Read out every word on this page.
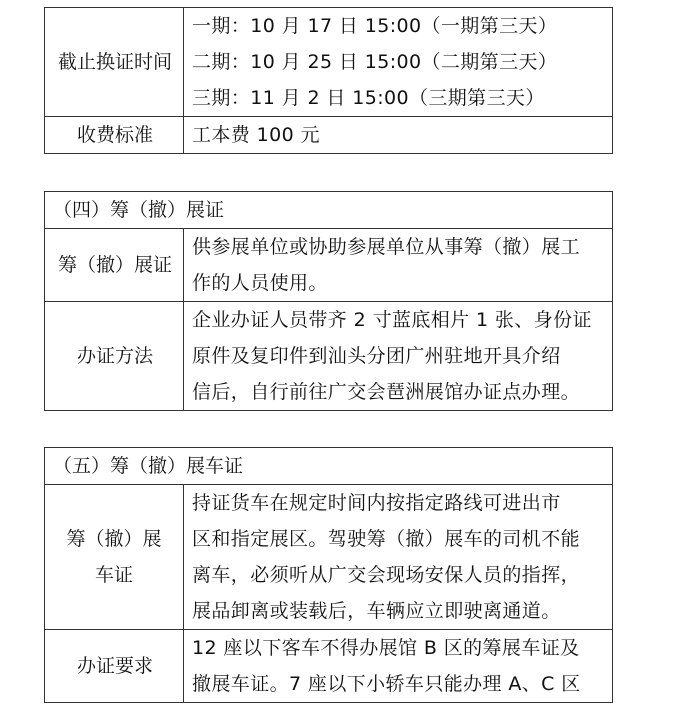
截止换证时间	一期：10 月 17 日 15:00（一期第三天）
二期：10 月 25 日 15:00（二期第三天）
三期：11 月 2 日 15:00（三期第三天）

收费标准	工本费 100 元
（四）筹（撤）展证	
筹（撤）展证	供参展单位或协助参展单位从事筹（撤）展工
作的人员使用。

办证方法	企业办证人员带齐 2 寸蓝底相片 1 张、身份证
原件及复印件到汕头分团广州驻地开具介绍
信后，自行前往广交会琶洲展馆办证点办理。
（五）筹（撤）展车证	

筹（撤）展
车证	持证货车在规定时间内按指定路线可进出市
区和指定展区。驾驶筹（撤）展车的司机不能
离车，必须听从广交会现场安保人员的指挥，
展品卸离或装载后，车辆应立即驶离通道。

办证要求	12 座以下客车不得办展馆 B 区的筹展车证及
撤展车证。7 座以下小轿车只能办理 A、C 区
